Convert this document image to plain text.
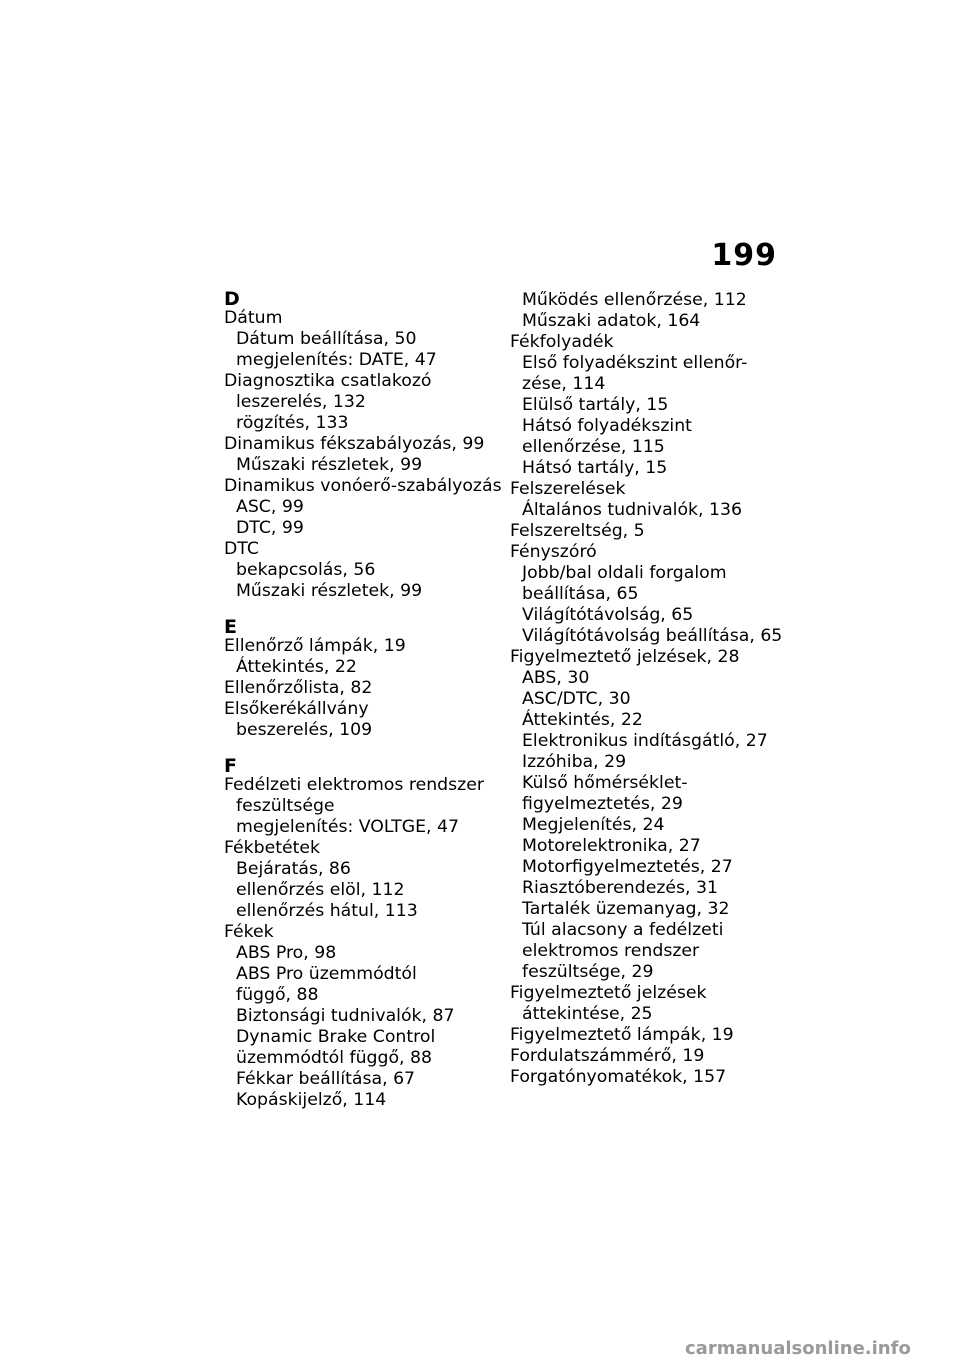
199
D
Dátum
Dátum beállítása, 50
megjelenítés: DATE, 47
Diagnosztika csatlakozó
leszerelés, 132
rögzítés, 133
Dinamikus fékszabályozás, 99
Műszaki részletek, 99
Dinamikus vonóerő-szabályozás
ASC, 99
DTC, 99
DTC
bekapcsolás, 56
Műszaki részletek, 99
E
Ellenőrző lámpák, 19
Áttekintés, 22
Ellenőrzőlista, 82
Elsőkerékállvány
beszerelés, 109
F
Fedélzeti elektromos rendszer
feszültsége
megjelenítés: VOLTGE, 47
Fékbetétek
Bejáratás, 86
ellenőrzés elöl, 112
ellenőrzés hátul, 113
Fékek
ABS Pro, 98
ABS Pro üzemmódtól
függő, 88
Biztonsági tudnivalók, 87
Dynamic Brake Control
üzemmódtól függő, 88
Fékkar beállítása, 67
Kopáskijelző, 114
Működés ellenőrzése, 112
Műszaki adatok, 164
Fékfolyadék
Első folyadékszint ellenőr-
zése, 114
Elülső tartály, 15
Hátsó folyadékszint
ellenőrzése, 115
Hátsó tartály, 15
Felszerelések
Általános tudnivalók, 136
Felszereltség, 5
Fényszóró
Jobb/bal oldali forgalom
beállítása, 65
Világítótávolság, 65
Világítótávolság beállítása, 65
Figyelmeztető jelzések, 28
ABS, 30
ASC/DTC, 30
Áttekintés, 22
Elektronikus indításgátló, 27
Izzóhiba, 29
Külső hőmérséklet-
figyelmeztetés, 29
Megjelenítés, 24
Motorelektronika, 27
Motorfigyelmeztetés, 27
Riasztóberendezés, 31
Tartalék üzemanyag, 32
Túl alacsony a fedélzeti
elektromos rendszer
feszültsége, 29
Figyelmeztető jelzések
áttekintése, 25
Figyelmeztető lámpák, 19
Fordulatszámmérő, 19
Forgatónyomatékok, 157
carmanualsonline.info
